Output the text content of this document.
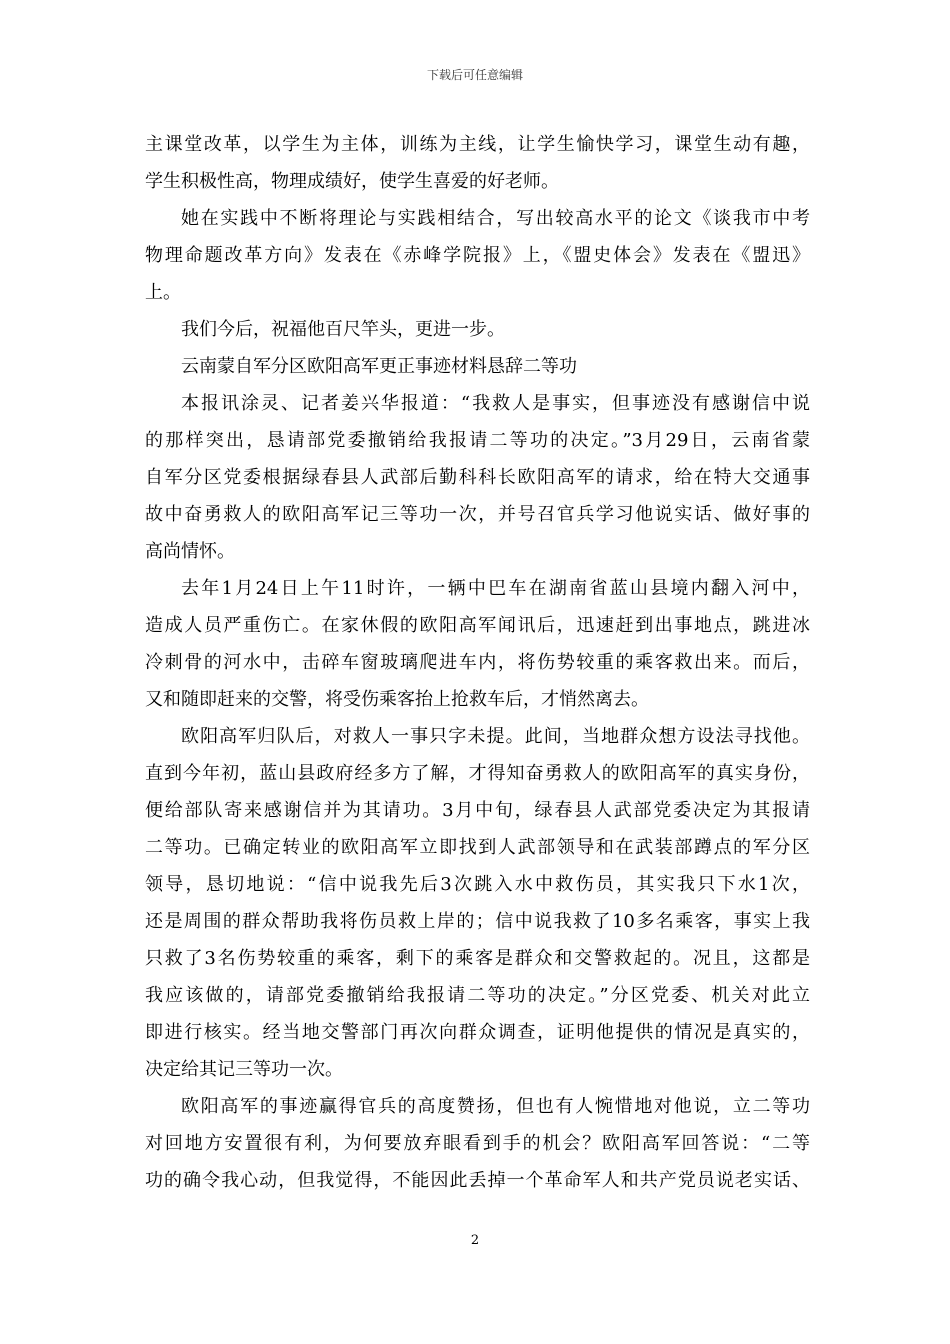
下载后可任意编辑
主课堂改革，以学生为主体，训练为主线，让学生愉快学习，课堂生动有趣，
学生积极性高，物理成绩好，使学生喜爱的好老师。
她在实践中不断将理论与实践相结合，写出较高水平的论文《谈我市中考
物理命题改革方向》发表在《赤峰学院报》上，《盟史体会》发表在《盟迅》
上。
我们今后，祝福他百尺竿头，更进一步。
云南蒙自军分区欧阳高军更正事迹材料恳辞二等功
本报讯涂灵、记者姜兴华报道：“我救人是事实，但事迹没有感谢信中说
的那样突出，恳请部党委撤销给我报请二等功的决定。”3月29日，云南省蒙
自军分区党委根据绿春县人武部后勤科科长欧阳高军的请求，给在特大交通事
故中奋勇救人的欧阳高军记三等功一次，并号召官兵学习他说实话、做好事的
高尚情怀。
去年1月24日上午11时许，一辆中巴车在湖南省蓝山县境内翻入河中，
造成人员严重伤亡。在家休假的欧阳高军闻讯后，迅速赶到出事地点，跳进冰
冷刺骨的河水中，击碎车窗玻璃爬进车内，将伤势较重的乘客救出来。而后，
又和随即赶来的交警，将受伤乘客抬上抢救车后，才悄然离去。
欧阳高军归队后，对救人一事只字未提。此间，当地群众想方设法寻找他。
直到今年初，蓝山县政府经多方了解，才得知奋勇救人的欧阳高军的真实身份，
便给部队寄来感谢信并为其请功。3月中旬，绿春县人武部党委决定为其报请
二等功。已确定转业的欧阳高军立即找到人武部领导和在武装部蹲点的军分区
领导，恳切地说：“信中说我先后3次跳入水中救伤员，其实我只下水1次，
还是周围的群众帮助我将伤员救上岸的；信中说我救了10多名乘客，事实上我
只救了3名伤势较重的乘客，剩下的乘客是群众和交警救起的。况且，这都是
我应该做的，请部党委撤销给我报请二等功的决定。”分区党委、机关对此立
即进行核实。经当地交警部门再次向群众调查，证明他提供的情况是真实的，
决定给其记三等功一次。
欧阳高军的事迹赢得官兵的高度赞扬，但也有人惋惜地对他说，立二等功
对回地方安置很有利，为何要放弃眼看到手的机会？欧阳高军回答说：“二等
功的确令我心动，但我觉得，不能因此丢掉一个革命军人和共产党员说老实话、
2
